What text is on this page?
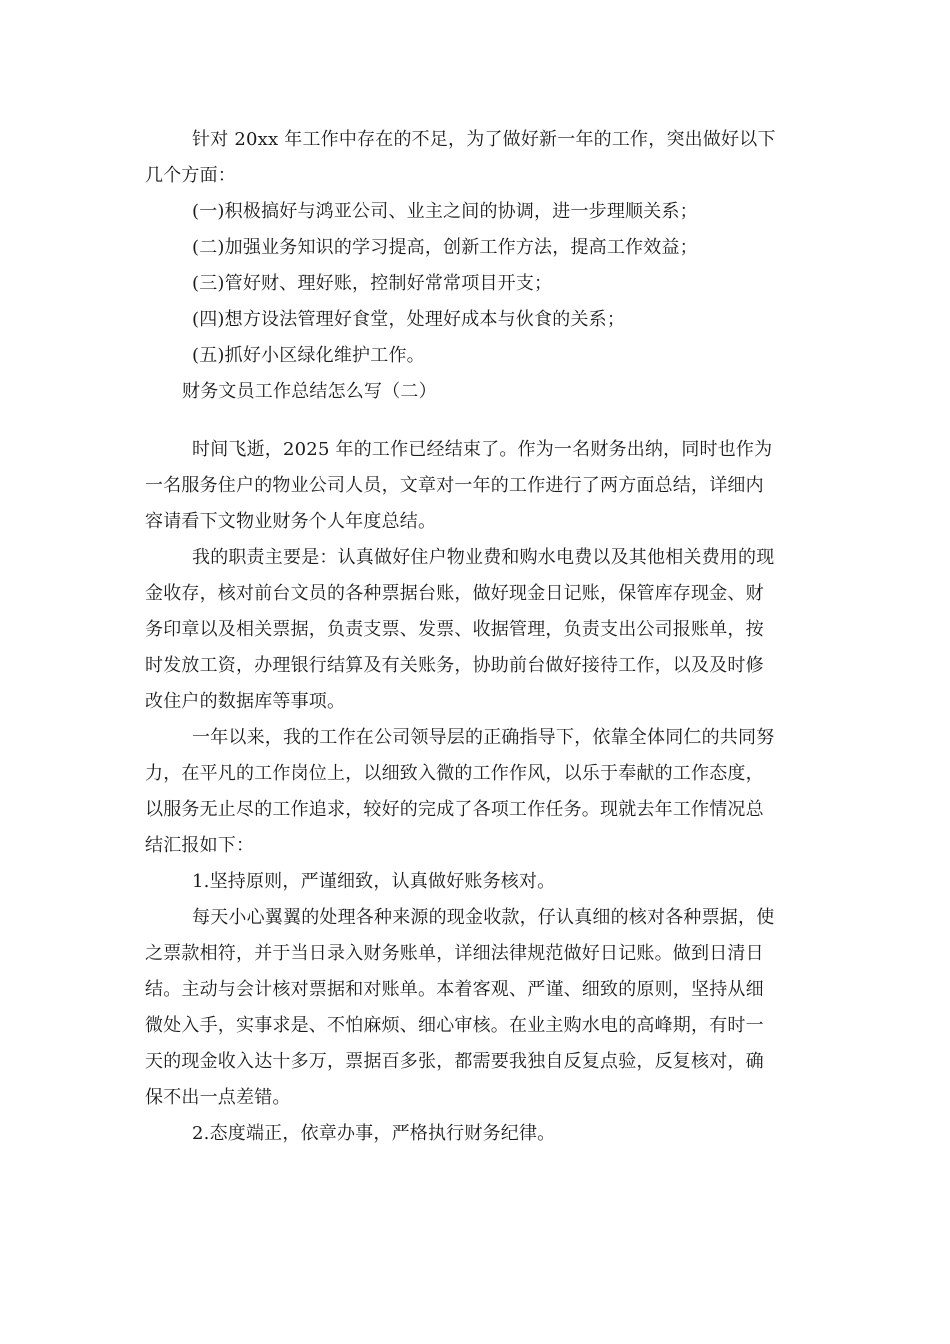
针对 20xx 年工作中存在的不足，为了做好新一年的工作，突出做好以下
几个方面：
(一)积极搞好与鸿亚公司、业主之间的协调，进一步理顺关系；
(二)加强业务知识的学习提高，创新工作方法，提高工作效益；
(三)管好财、理好账，控制好常常项目开支；
(四)想方设法管理好食堂，处理好成本与伙食的关系；
(五)抓好小区绿化维护工作。
财务文员工作总结怎么写（二）
时间飞逝，2025 年的工作已经结束了。作为一名财务出纳，同时也作为
一名服务住户的物业公司人员，文章对一年的工作进行了两方面总结，详细内
容请看下文物业财务个人年度总结。
我的职责主要是：认真做好住户物业费和购水电费以及其他相关费用的现
金收存，核对前台文员的各种票据台账，做好现金日记账，保管库存现金、财
务印章以及相关票据，负责支票、发票、收据管理，负责支出公司报账单，按
时发放工资，办理银行结算及有关账务，协助前台做好接待工作，以及及时修
改住户的数据库等事项。
一年以来，我的工作在公司领导层的正确指导下，依靠全体同仁的共同努
力，在平凡的工作岗位上，以细致入微的工作作风，以乐于奉献的工作态度，
以服务无止尽的工作追求，较好的完成了各项工作任务。现就去年工作情况总
结汇报如下：
1.坚持原则，严谨细致，认真做好账务核对。
每天小心翼翼的处理各种来源的现金收款，仔认真细的核对各种票据，使
之票款相符，并于当日录入财务账单，详细法律规范做好日记账。做到日清日
结。主动与会计核对票据和对账单。本着客观、严谨、细致的原则，坚持从细
微处入手，实事求是、不怕麻烦、细心审核。在业主购水电的高峰期，有时一
天的现金收入达十多万，票据百多张，都需要我独自反复点验，反复核对，确
保不出一点差错。
2.态度端正，依章办事，严格执行财务纪律。
